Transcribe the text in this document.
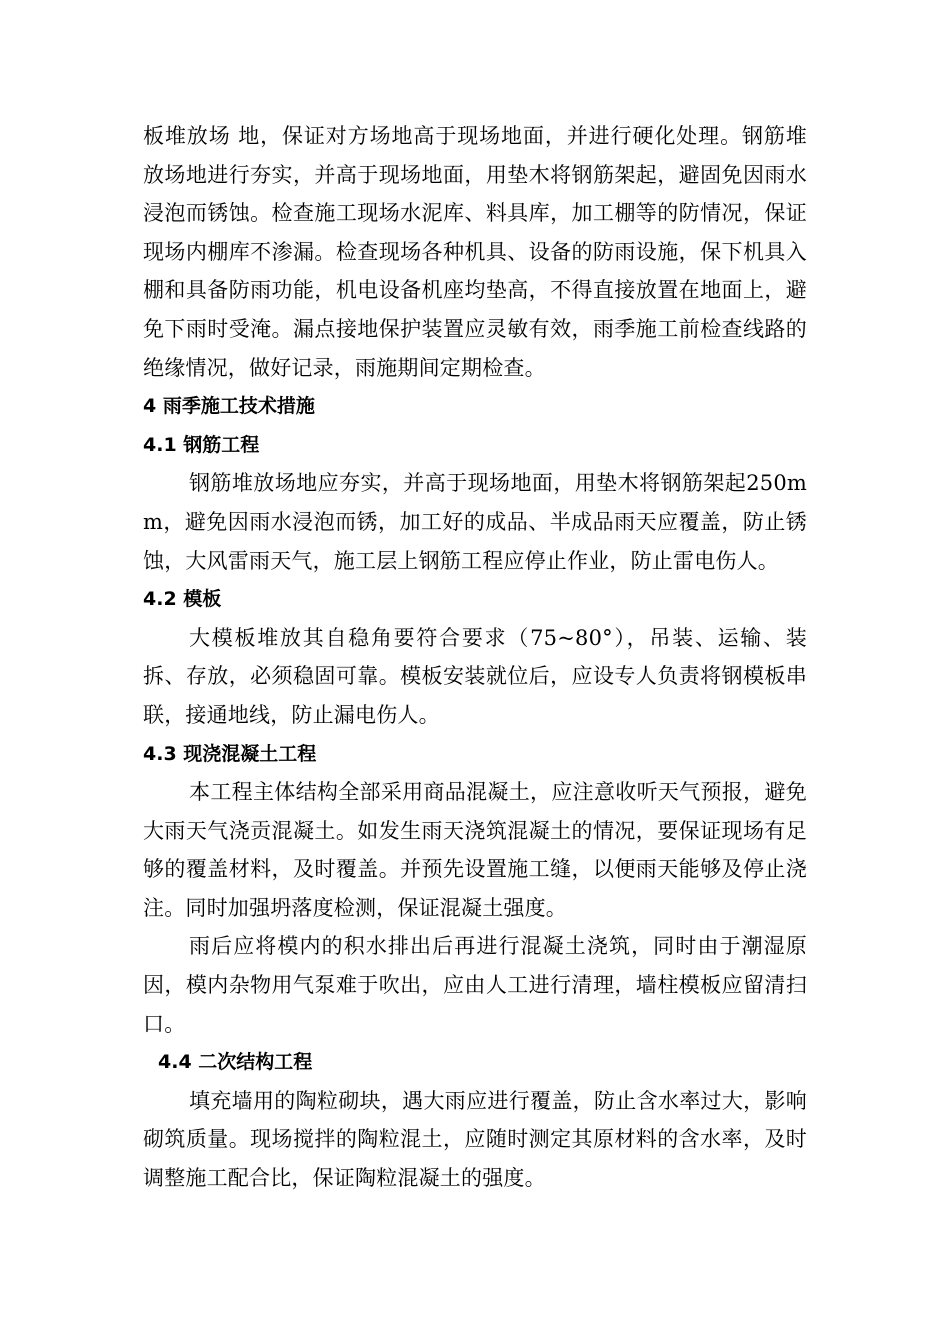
板堆放场 地，保证对方场地高于现场地面，并进行硬化处理。钢筋堆放场地进行夯实，并高于现场地面，用垫木将钢筋架起，避固免因雨水浸泡而锈蚀。检查施工现场水泥库、料具库，加工棚等的防情况，保证现场内棚库不渗漏。检查现场各种机具、设备的防雨设施，保下机具入棚和具备防雨功能，机电设备机座均垫高，不得直接放置在地面上，避免下雨时受淹。漏点接地保护装置应灵敏有效，雨季施工前检查线路的绝缘情况，做好记录，雨施期间定期检查。

4 雨季施工技术措施

4.1 钢筋工程

钢筋堆放场地应夯实，并高于现场地面，用垫木将钢筋架起250mm，避免因雨水浸泡而锈，加工好的成品、半成品雨天应覆盖，防止锈蚀，大风雷雨天气，施工层上钢筋工程应停止作业，防止雷电伤人。

4.2 模板

大模板堆放其自稳角要符合要求（75~80°），吊装、运输、装拆、存放，必须稳固可靠。模板安装就位后，应设专人负责将钢模板串联，接通地线，防止漏电伤人。

4.3 现浇混凝土工程

本工程主体结构全部采用商品混凝土，应注意收听天气预报，避免大雨天气浇贡混凝土。如发生雨天浇筑混凝土的情况，要保证现场有足够的覆盖材料，及时覆盖。并预先设置施工缝，以便雨天能够及停止浇注。同时加强坍落度检测，保证混凝土强度。

雨后应将模内的积水排出后再进行混凝土浇筑，同时由于潮湿原因，模内杂物用气泵难于吹出，应由人工进行清理，墙柱模板应留清扫口。

4.4 二次结构工程

填充墙用的陶粒砌块，遇大雨应进行覆盖，防止含水率过大，影响砌筑质量。现场搅拌的陶粒混土，应随时测定其原材料的含水率，及时调整施工配合比，保证陶粒混凝土的强度。
